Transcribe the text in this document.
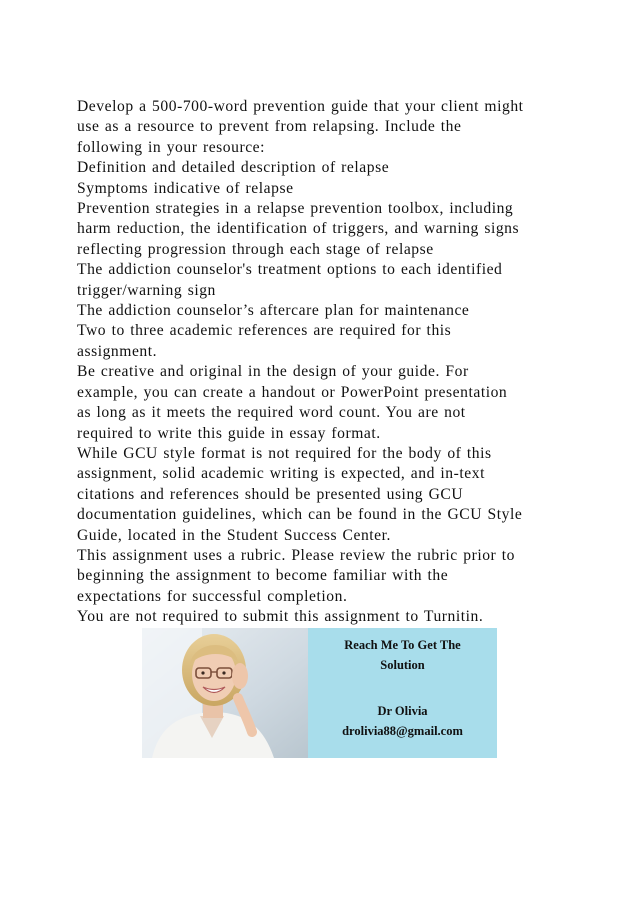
Develop a 500-700-word prevention guide that your client might
use as a resource to prevent from relapsing. Include the
following in your resource:
Definition and detailed description of relapse
Symptoms indicative of relapse
Prevention strategies in a relapse prevention toolbox, including
harm reduction, the identification of triggers, and warning signs
reflecting progression through each stage of relapse
The addiction counselor's treatment options to each identified
trigger/warning sign
The addiction counselor’s aftercare plan for maintenance
Two to three academic references are required for this
assignment.
Be creative and original in the design of your guide. For
example, you can create a handout or PowerPoint presentation
as long as it meets the required word count. You are not
required to write this guide in essay format.
While GCU style format is not required for the body of this
assignment, solid academic writing is expected, and in-text
citations and references should be presented using GCU
documentation guidelines, which can be found in the GCU Style
Guide, located in the Student Success Center.
This assignment uses a rubric. Please review the rubric prior to
beginning the assignment to become familiar with the
expectations for successful completion.
You are not required to submit this assignment to Turnitin.
Reach Me To Get The
Solution
Dr Olivia
drolivia88@gmail.com
